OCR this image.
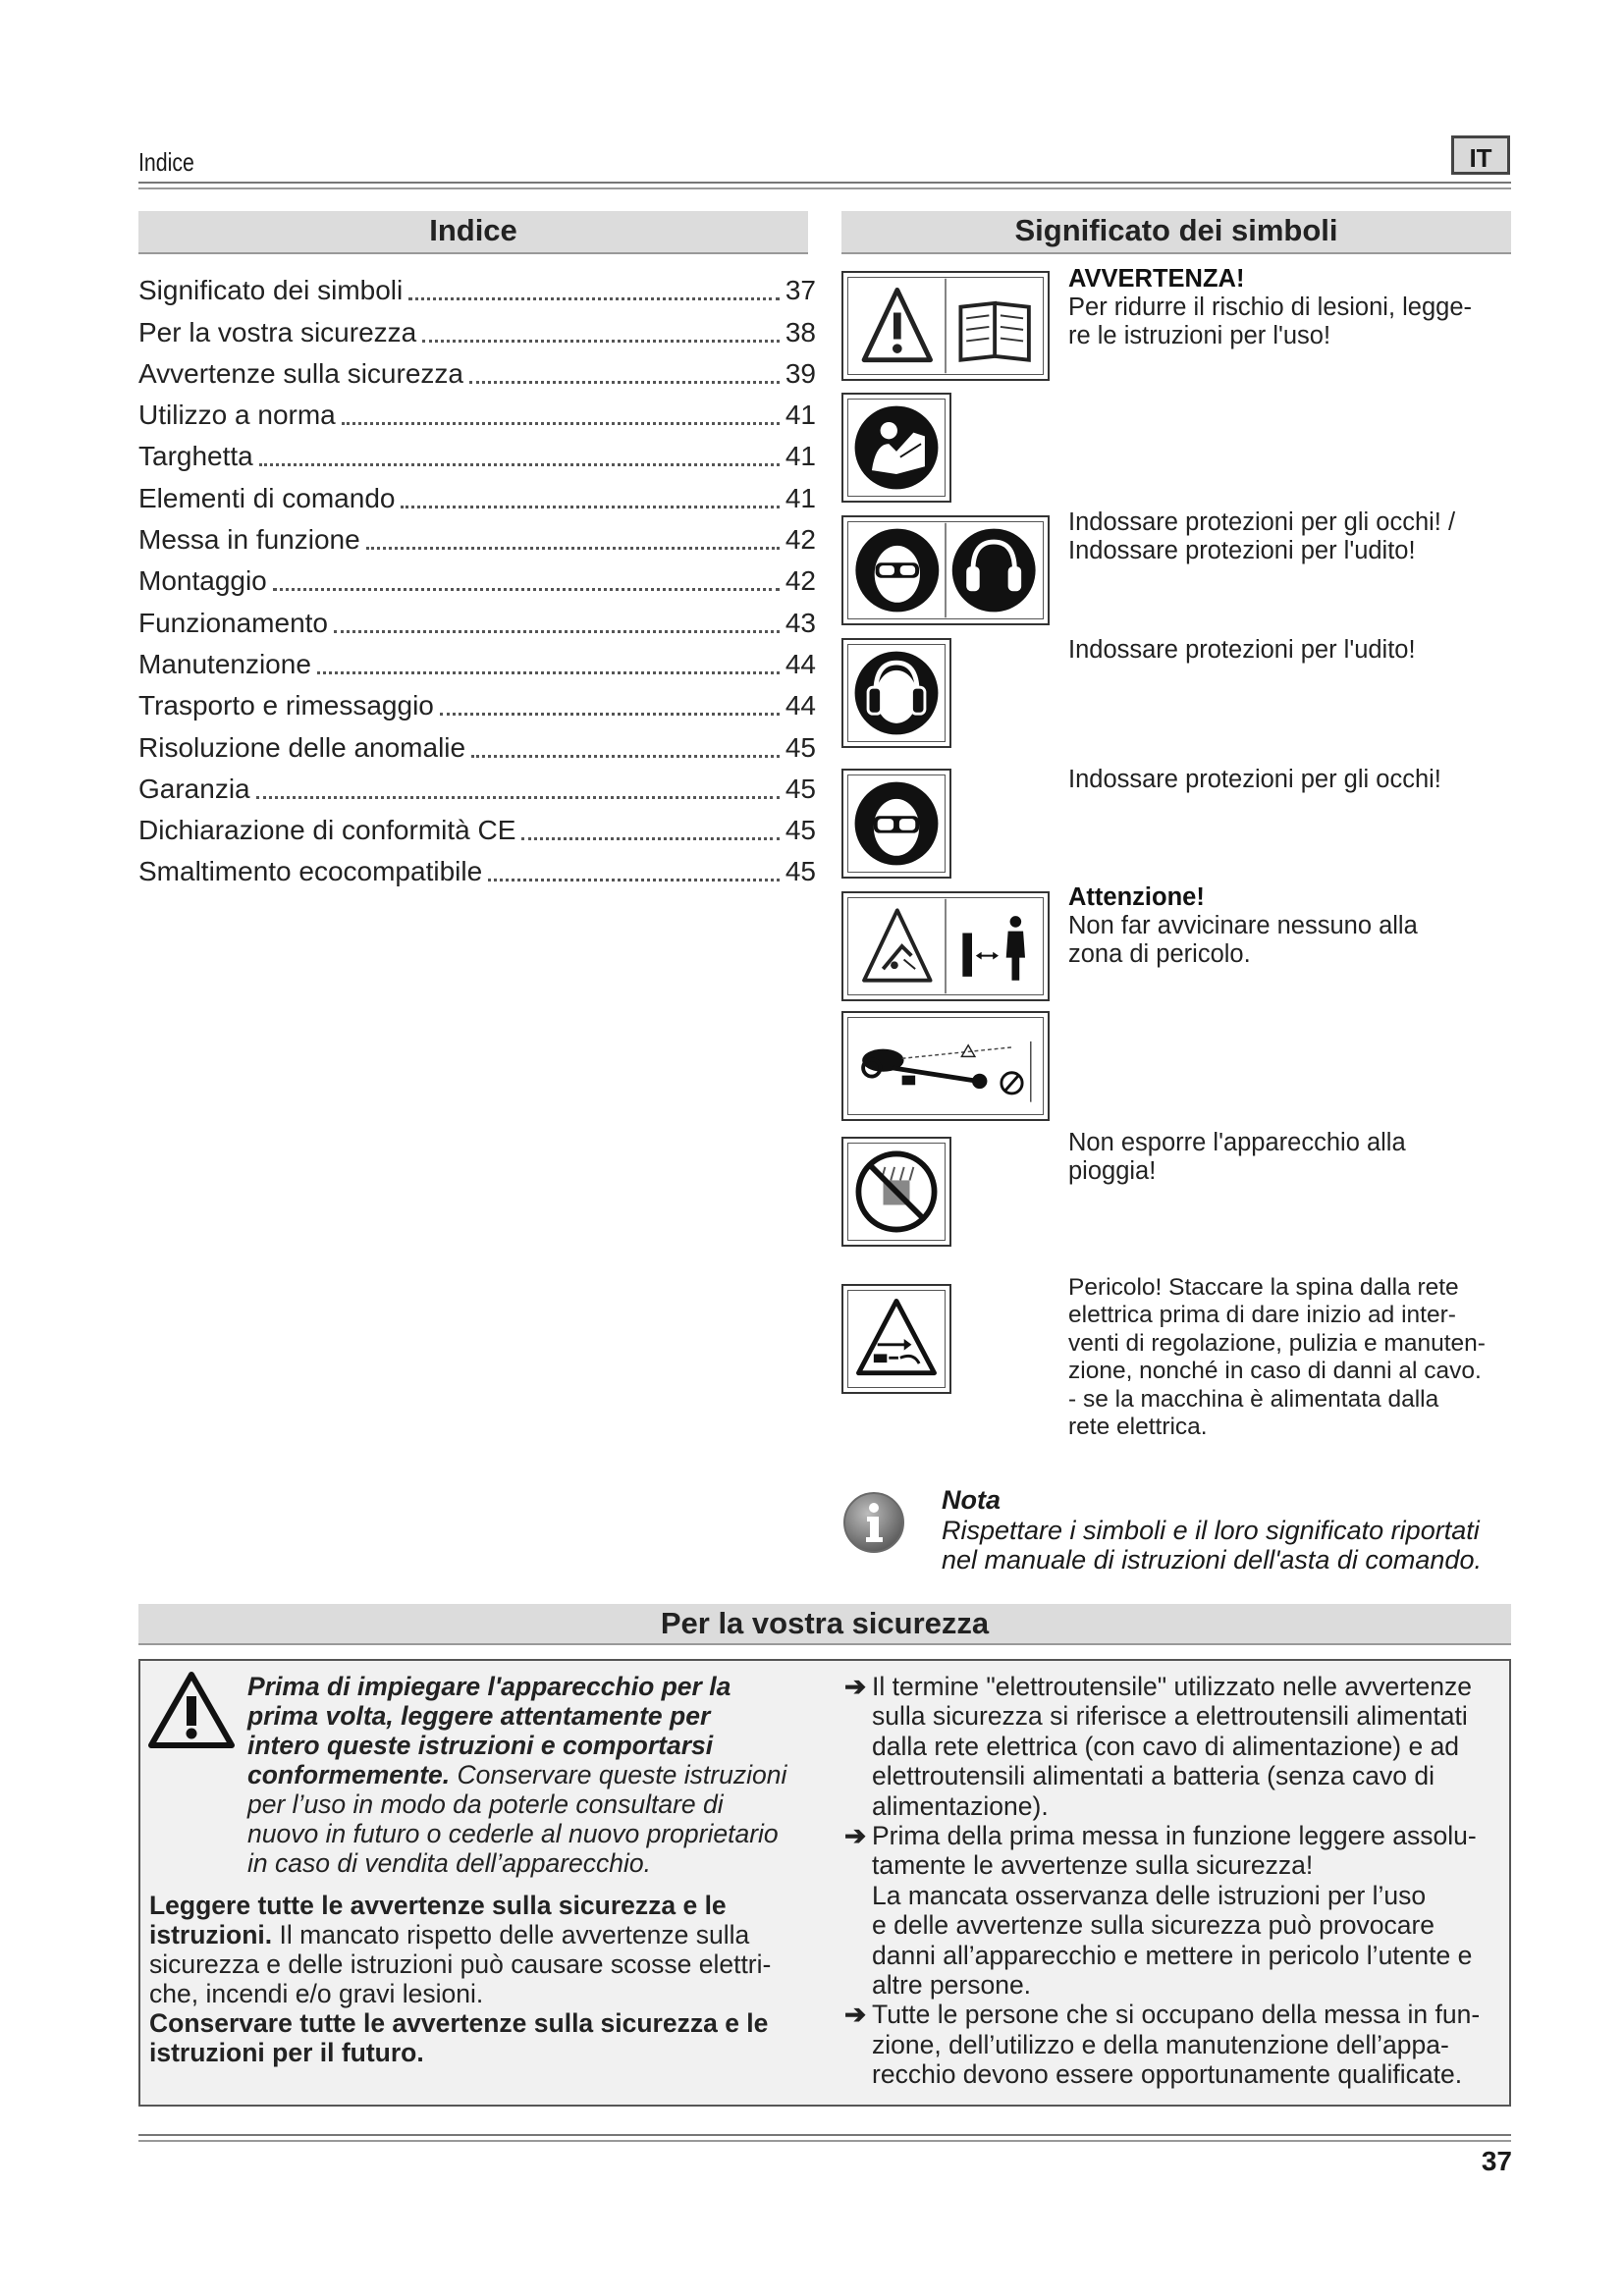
Indice	IT
Indice
Significato dei simboli	37
Per la vostra sicurezza	38
Avvertenze sulla sicurezza	39
Utilizzo a norma	41
Targhetta	41
Elementi di comando	41
Messa in funzione	42
Montaggio	42
Funzionamento	43
Manutenzione	44
Trasporto e rimessaggio	44
Risoluzione delle anomalie	45
Garanzia	45
Dichiarazione di conformità CE	45
Smaltimento ecocompatibile	45
Significato dei simboli
AVVERTENZA!
Per ridurre il rischio di lesioni, legge-
re le istruzioni per l'uso!
Indossare protezioni per gli occhi! /
Indossare protezioni per l'udito!
Indossare protezioni per l'udito!
Indossare protezioni per gli occhi!
Attenzione!
Non far avvicinare nessuno alla
zona di pericolo.
Non esporre l'apparecchio alla
pioggia!
Pericolo! Staccare la spina dalla rete
elettrica prima di dare inizio ad inter-
venti di regolazione, pulizia e manuten-
zione, nonché in caso di danni al cavo.
- se la macchina è alimentata dalla
rete elettrica.
Nota
Rispettare i simboli e il loro significato riportati
nel manuale di istruzioni dell'asta di comando.
Per la vostra sicurezza
Prima di impiegare l'apparecchio per la
prima volta, leggere attentamente per
intero queste istruzioni e comportarsi
conformemente. Conservare queste istruzioni
per l’uso in modo da poterle consultare di
nuovo in futuro o cederle al nuovo proprietario
in caso di vendita dell’apparecchio.
Leggere tutte le avvertenze sulla sicurezza e le
istruzioni. Il mancato rispetto delle avvertenze sulla
sicurezza e delle istruzioni può causare scosse elettri-
che, incendi e/o gravi lesioni.
Conservare tutte le avvertenze sulla sicurezza e le
istruzioni per il futuro.
➔ Il termine "elettroutensile" utilizzato nelle avvertenze
sulla sicurezza si riferisce a elettroutensili alimentati
dalla rete elettrica (con cavo di alimentazione) e ad
elettroutensili alimentati a batteria (senza cavo di
alimentazione).
➔ Prima della prima messa in funzione leggere assolu-
tamente le avvertenze sulla sicurezza!
La mancata osservanza delle istruzioni per l’uso
e delle avvertenze sulla sicurezza può provocare
danni all’apparecchio e mettere in pericolo l’utente e
altre persone.
➔ Tutte le persone che si occupano della messa in fun-
zione, dell’utilizzo e della manutenzione dell’appa-
recchio devono essere opportunamente qualificate.
37
